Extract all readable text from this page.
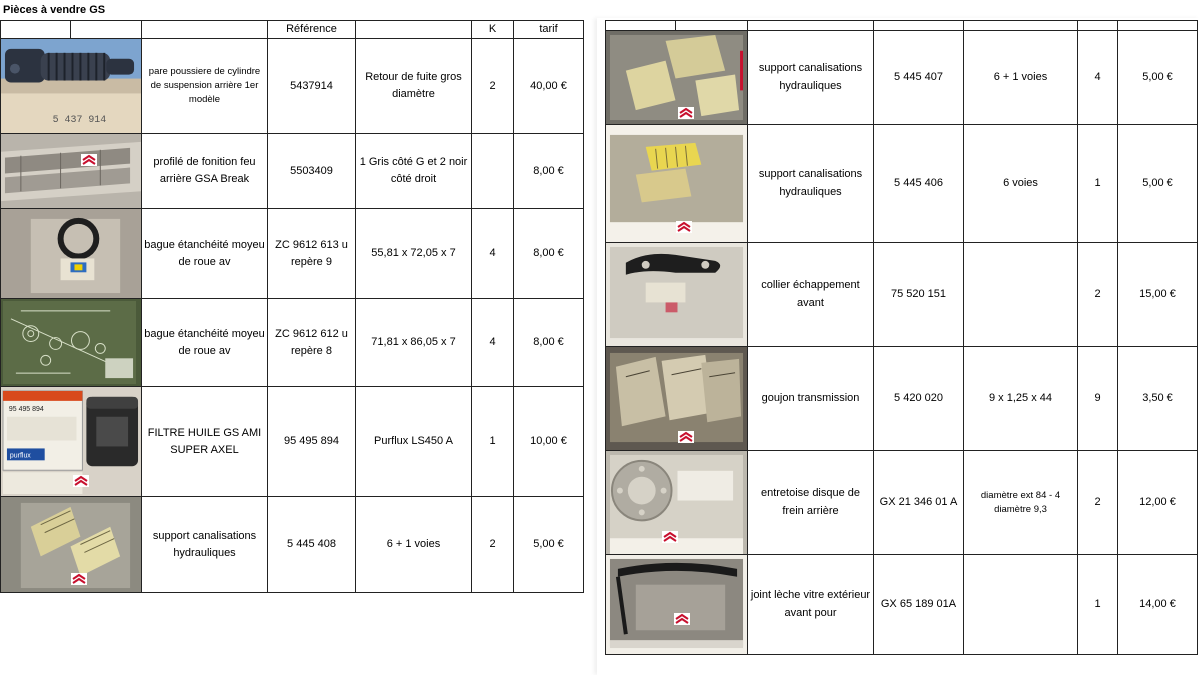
Pièces à vendre GS
			Référence		K	tarif

5 437 914		pare poussiere de cylindre de suspension arrière 1er modèle	5437914	Retour de fuite gros diamètre	2	40,00 €

	profilé de fonition feu arrière GSA Break	5503409	1 Gris côté G et 2 noir côté droit		8,00 €

	bague étanchéité moyeu de roue av	ZC 9612 613 u repère 9	55,81 x 72,05 x 7	4	8,00 €

	bague étanchéité moyeu de roue av	ZC 9612 612 u repère 8	71,81 x 86,05 x 7	4	8,00 €

95 495 894
purflux		FILTRE HUILE GS AMI SUPER AXEL	95 495 894	Purflux LS450 A	1	10,00 €

	support canalisations hydrauliques	5 445 408	6 + 1 voies	2	5,00 €

	support canalisations hydrauliques	5 445 407	6 + 1 voies	4	5,00 €

	support canalisations hydrauliques	5 445 406	6 voies	1	5,00 €

	collier échappement avant	75 520 151		2	15,00 €

	goujon transmission	5 420 020	9 x 1,25 x 44	9	3,50 €

	entretoise disque de frein arrière	GX 21 346 01 A	diamètre ext 84 - 4 diamètre 9,3	2	12,00 €

	joint lèche vitre extérieur avant pour	GX 65 189 01A		1	14,00 €
